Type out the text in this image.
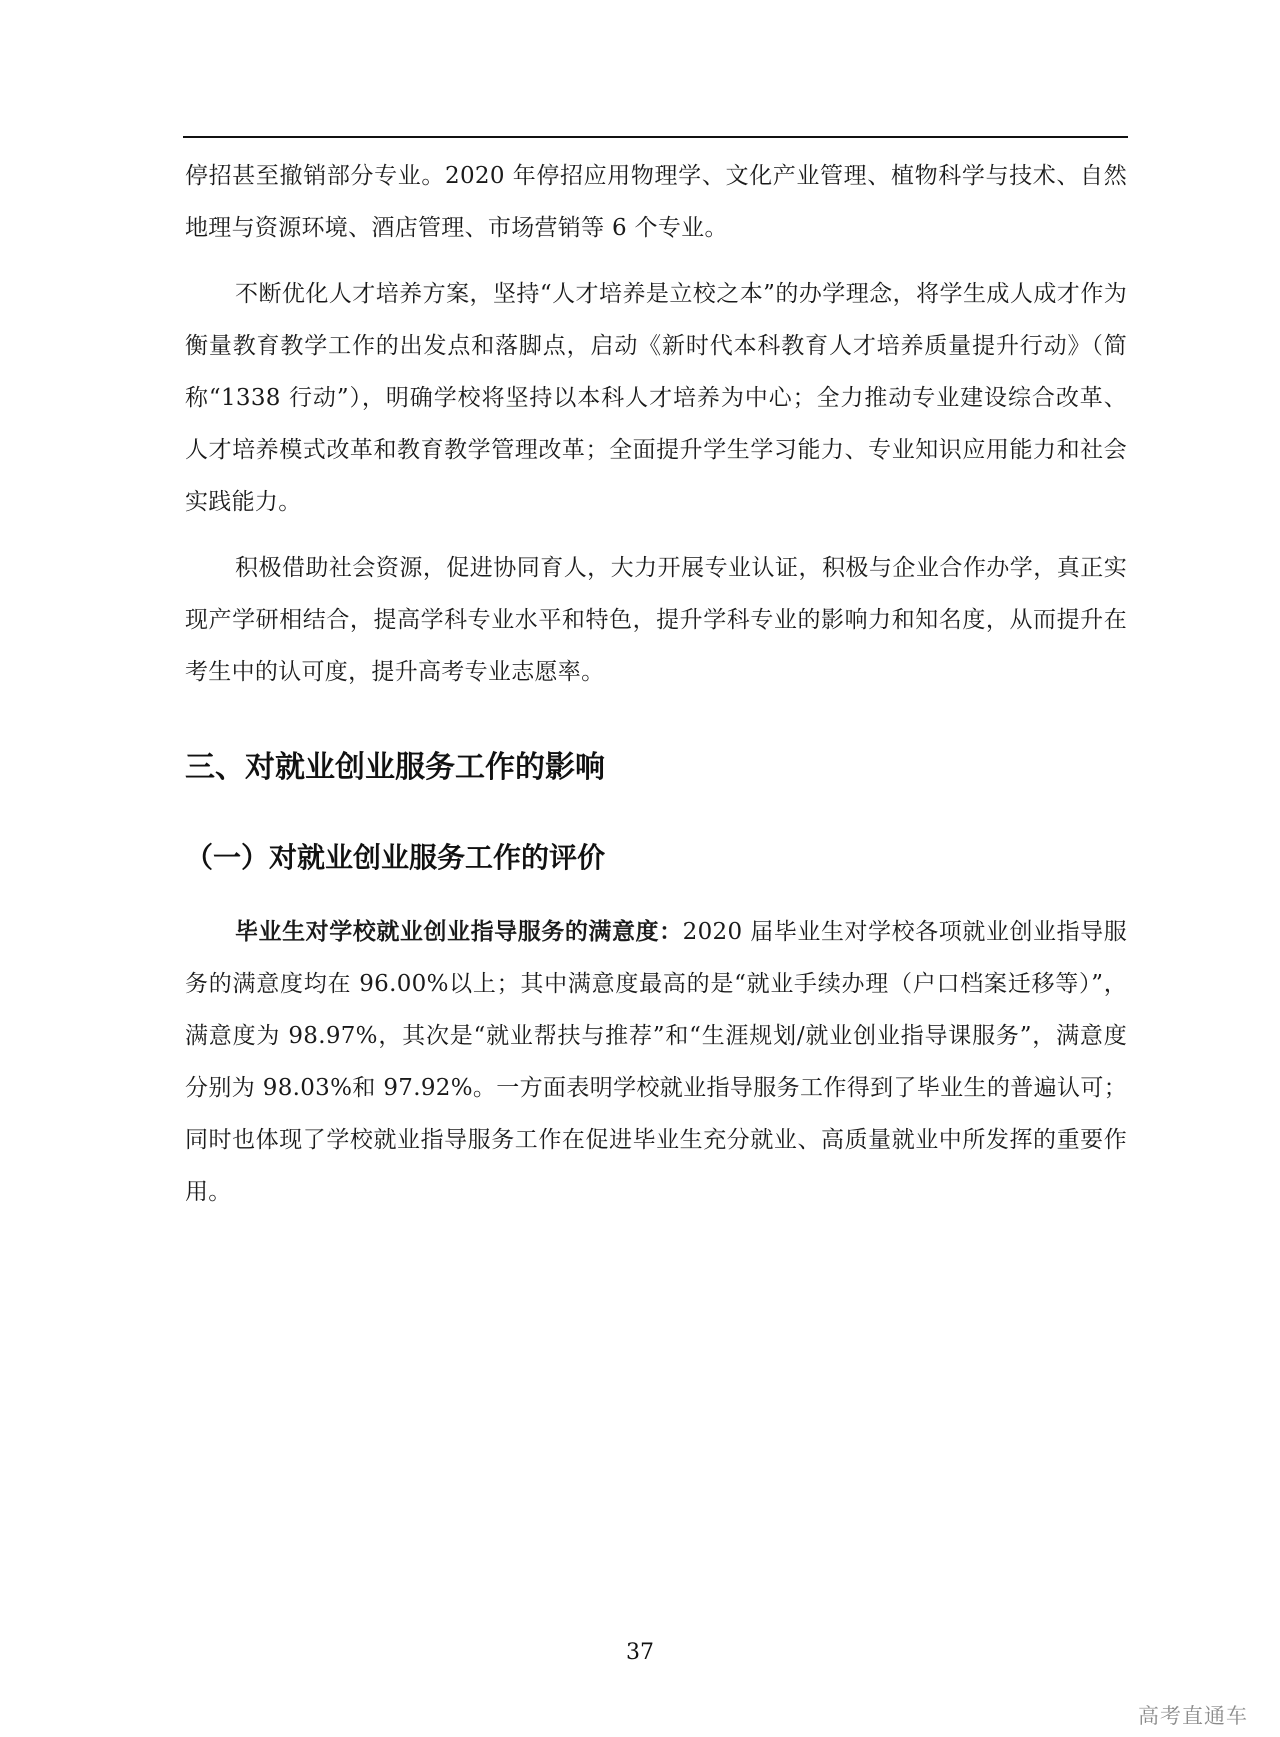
停招甚至撤销部分专业。2020 年停招应用物理学、文化产业管理、植物科学与技术、自然地理与资源环境、酒店管理、市场营销等 6 个专业。

不断优化人才培养方案，坚持“人才培养是立校之本”的办学理念，将学生成人成才作为衡量教育教学工作的出发点和落脚点，启动《新时代本科教育人才培养质量提升行动》（简称“1338 行动”），明确学校将坚持以本科人才培养为中心；全力推动专业建设综合改革、人才培养模式改革和教育教学管理改革；全面提升学生学习能力、专业知识应用能力和社会实践能力。

积极借助社会资源，促进协同育人，大力开展专业认证，积极与企业合作办学，真正实现产学研相结合，提高学科专业水平和特色，提升学科专业的影响力和知名度，从而提升在考生中的认可度，提升高考专业志愿率。

三、对就业创业服务工作的影响
（一）对就业创业服务工作的评价

毕业生对学校就业创业指导服务的满意度：2020 届毕业生对学校各项就业创业指导服务的满意度均在 96.00%以上；其中满意度最高的是“就业手续办理（户口档案迁移等）”，满意度为 98.97%，其次是“就业帮扶与推荐”和“生涯规划/就业创业指导课服务”，满意度分别为 98.03%和 97.92%。一方面表明学校就业指导服务工作得到了毕业生的普遍认可；同时也体现了学校就业指导服务工作在促进毕业生充分就业、高质量就业中所发挥的重要作用。

37
高考直通车
